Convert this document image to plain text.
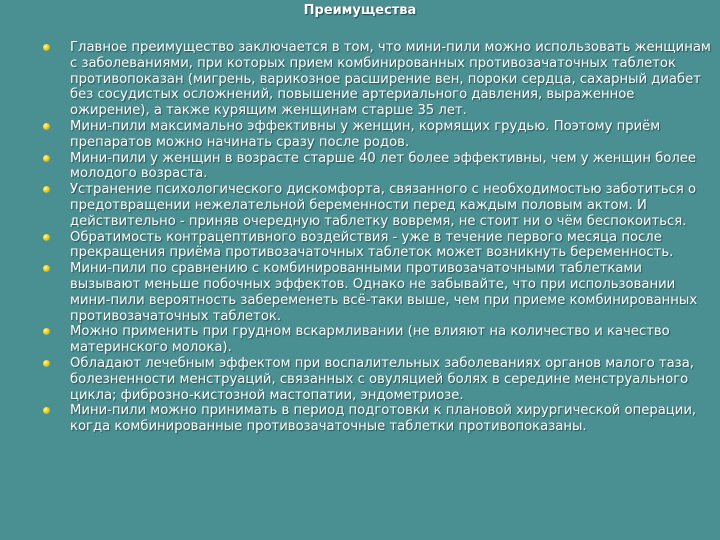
Преимущества
Главное преимущество заключается в том, что мини-пили можно использовать женщинам с заболеваниями, при которых прием комбинированных противозачаточных таблеток противопоказан (мигрень, варикозное расширение вен, пороки сердца, сахарный диабет без сосудистых осложнений, повышение артериального давления, выраженное ожирение), а также курящим женщинам старше 35 лет.
Мини-пили максимально эффективны у женщин, кормящих грудью. Поэтому приём препаратов можно начинать сразу после родов.
Мини-пили у женщин в возрасте старше 40 лет более эффективны, чем у женщин более молодого возраста.
Устранение психологического дискомфорта, связанного с необходимостью заботиться о предотвращении нежелательной беременности перед каждым половым актом. И действительно - приняв очередную таблетку вовремя, не стоит ни о чём беспокоиться.
Обратимость контрацептивного воздействия - уже в течение первого месяца после прекращения приёма противозачаточных таблеток может возникнуть беременность.
Мини-пили по сравнению с комбинированными противозачаточными таблетками вызывают меньше побочных эффектов. Однако не забывайте, что при использовании мини-пили вероятность забеременеть всё-таки выше, чем при приеме комбинированных противозачаточных таблеток.
Можно применить при грудном вскармливании (не влияют на количество и качество материнского молока).
Обладают лечебным эффектом при воспалительных заболеваниях органов малого таза, болезненности менструаций, связанных с овуляцией болях в середине менструального цикла; фиброзно-кистозной мастопатии, эндометриозе.
Мини-пили можно принимать в период подготовки к плановой хирургической операции, когда комбинированные противозачаточные таблетки противопоказаны.
